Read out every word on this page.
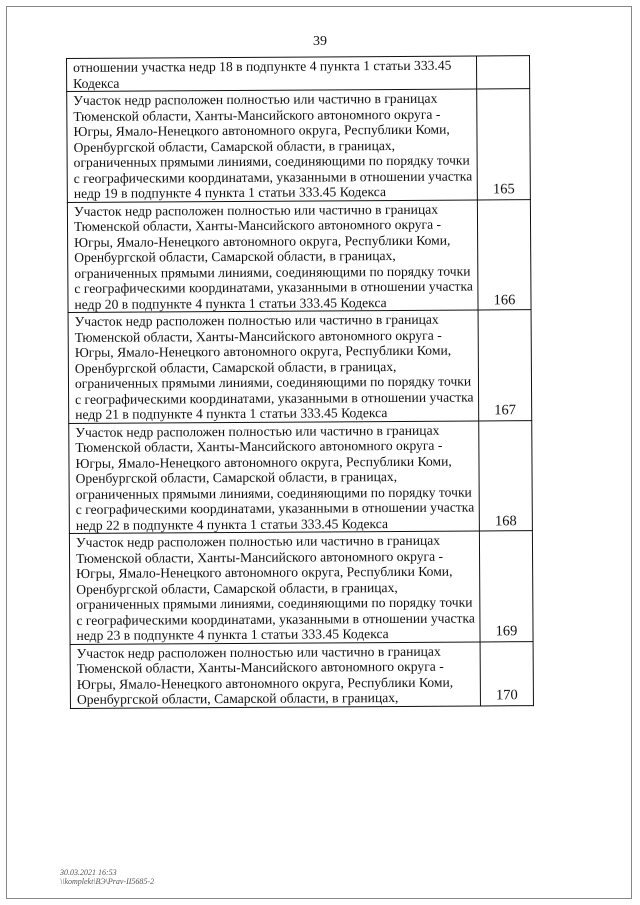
39
отношении участка недр 18 в подпункте 4 пункта 1 статьи 333.45 Кодекса	
Участок недр расположен полностью или частично в границах Тюменской области, Ханты-Мансийского автономного округа - Югры, Ямало-Ненецкого автономного округа, Республики Коми, Оренбургской области, Самарской области, в границах, ограниченных прямыми линиями, соединяющими по порядку точки с географическими координатами, указанными в отношении участка недр 19 в подпункте 4 пункта 1 статьи 333.45 Кодекса	165
Участок недр расположен полностью или частично в границах Тюменской области, Ханты-Мансийского автономного округа - Югры, Ямало-Ненецкого автономного округа, Республики Коми, Оренбургской области, Самарской области, в границах, ограниченных прямыми линиями, соединяющими по порядку точки с географическими координатами, указанными в отношении участка недр 20 в подпункте 4 пункта 1 статьи 333.45 Кодекса	166
Участок недр расположен полностью или частично в границах Тюменской области, Ханты-Мансийского автономного округа - Югры, Ямало-Ненецкого автономного округа, Республики Коми, Оренбургской области, Самарской области, в границах, ограниченных прямыми линиями, соединяющими по порядку точки с географическими координатами, указанными в отношении участка недр 21 в подпункте 4 пункта 1 статьи 333.45 Кодекса	167
Участок недр расположен полностью или частично в границах Тюменской области, Ханты-Мансийского автономного округа - Югры, Ямало-Ненецкого автономного округа, Республики Коми, Оренбургской области, Самарской области, в границах, ограниченных прямыми линиями, соединяющими по порядку точки с географическими координатами, указанными в отношении участка недр 22 в подпункте 4 пункта 1 статьи 333.45 Кодекса	168
Участок недр расположен полностью или частично в границах Тюменской области, Ханты-Мансийского автономного округа - Югры, Ямало-Ненецкого автономного округа, Республики Коми, Оренбургской области, Самарской области, в границах, ограниченных прямыми линиями, соединяющими по порядку точки с географическими координатами, указанными в отношении участка недр 23 в подпункте 4 пункта 1 статьи 333.45 Кодекса	169
Участок недр расположен полностью или частично в границах Тюменской области, Ханты-Мансийского автономного округа - Югры, Ямало-Ненецкого автономного округа, Республики Коми, Оренбургской области, Самарской области, в границах,	170
30.03.2021 16:53
\\komplekt\ВЭ\Prav-II5685-2
